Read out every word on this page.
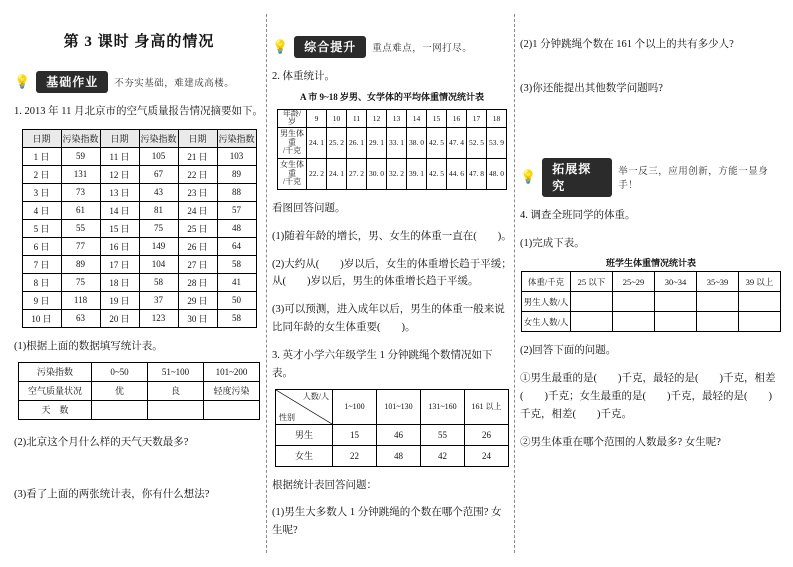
第 3 课时 身高的情况
💡	基础作业	不夯实基础，难建成高楼。
1. 2013 年 11 月北京市的空气质量报告情况摘要如下。
日期	污染指数	日期	污染指数	日期	污染指数
1 日	59	11 日	105	21 日	103
2 日	131	12 日	67	22 日	89
3 日	73	13 日	43	23 日	88
4 日	61	14 日	81	24 日	57
5 日	55	15 日	75	25 日	48
6 日	77	16 日	149	26 日	64
7 日	89	17 日	104	27 日	58
8 日	75	18 日	58	28 日	41
9 日	118	19 日	37	29 日	50
10 日	63	20 日	123	30 日	58
(1)根据上面的数据填写统计表。
污染指数	0~50	51~100	101~200
空气质量状况	优	良	轻度污染
天　数			
(2)北京这个月什么样的天气天数最多?
(3)看了上面的两张统计表，你有什么想法?
💡	综合提升	重点难点，一网打尽。
2. 体重统计。
A 市 9~18 岁男、女学体的平均体重情况统计表
年龄/
岁	9	10	11	12	13	14	15	16	17	18
男生体
重
/千克	24. 1	25. 2	26. 1	29. 1	33. 1	38. 0	42. 5	47. 4	52. 5	53. 9
女生体
重
/千克	22. 2	24. 1	27. 2	30. 0	32. 2	39. 1	42. 5	44. 6	47. 8	48. 0
看图回答问题。
(1)随着年龄的增长，男、女生的体重一直在(　　)。
(2)大约从(　　)岁以后，女生的体重增长趋于平缓；从(　　)岁以后，男生的体重增长趋于平缓。
(3)可以预测，进入成年以后，男生的体重一般来说比同年龄的女生体重要(　　)。
3. 英才小学六年级学生 1 分钟跳绳个数情况如下表。
人数/人
性别	1~100	101~130	131~160	161 以上
男生	15	46	55	26
女生	22	48	42	24
根据统计表回答问题：
(1)男生大多数人 1 分钟跳绳的个数在哪个范围? 女生呢?
(2)1 分钟跳绳个数在 161 个以上的共有多少人?
(3)你还能提出其他数学问题吗?
💡
拓展探究
举一反三，应用创新，方能一显身手！
4. 调查全班同学的体重。
(1)完成下表。
班学生体重情况统计表
体重/千克	25 以下	25~29	30~34	35~39	39 以上
男生人数/人					
女生人数/人					
(2)回答下面的问题。
①男生最重的是(　　)千克，最轻的是(　　)千克，相差(　　)千克；女生最重的是(　　)千克，最轻的是(　　)千克，相差(　　)千克。
②男生体重在哪个范围的人数最多? 女生呢?
